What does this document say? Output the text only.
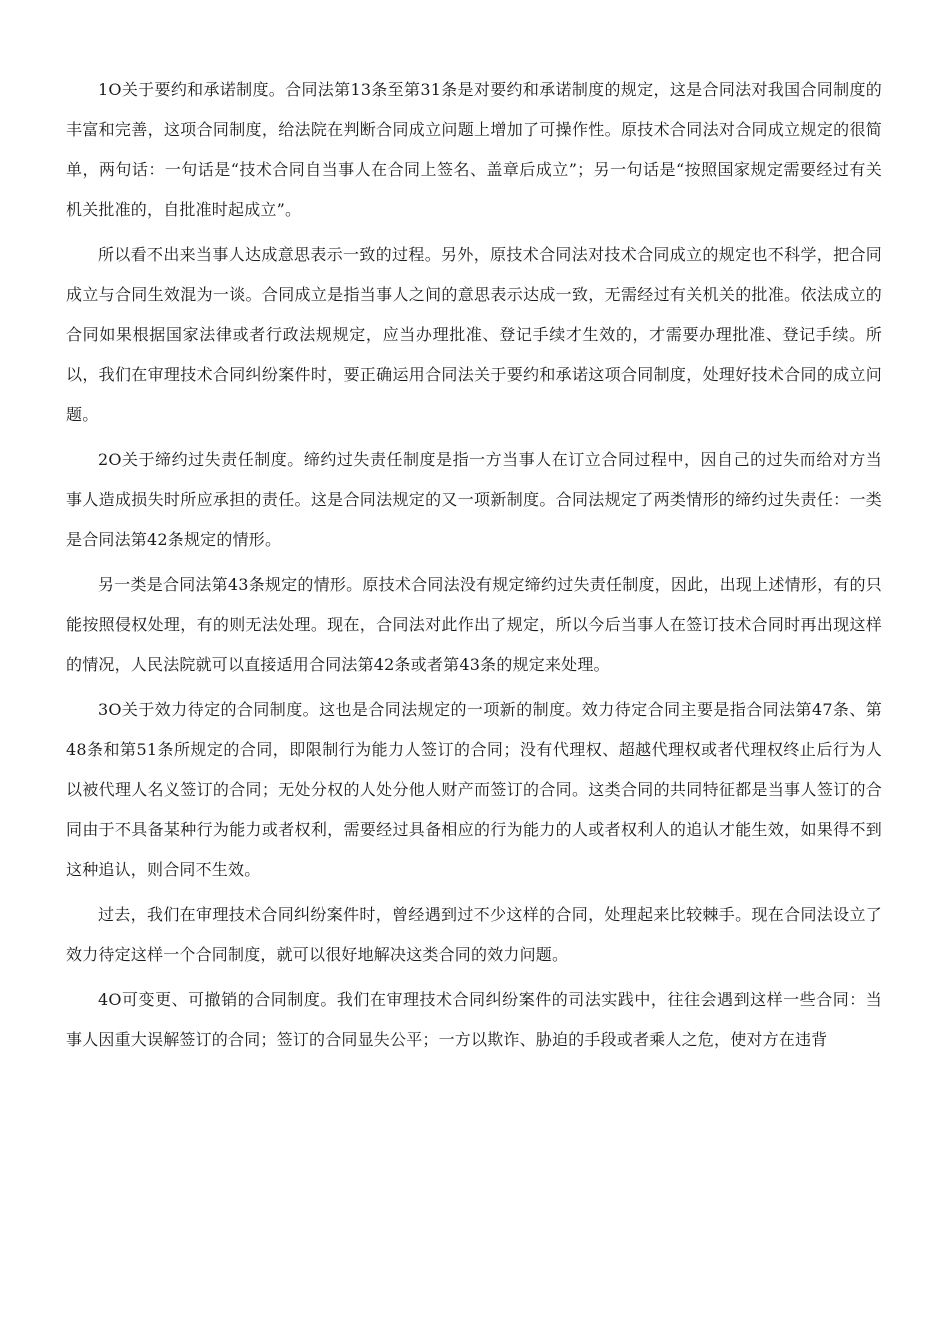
1O关于要约和承诺制度。合同法第13条至第31条是对要约和承诺制度的规定，这是合同法对我国合同制度的丰富和完善，这项合同制度，给法院在判断合同成立问题上增加了可操作性。原技术合同法对合同成立规定的很简单，两句话：一句话是“技术合同自当事人在合同上签名、盖章后成立”；另一句话是“按照国家规定需要经过有关机关批准的，自批准时起成立”。

所以看不出来当事人达成意思表示一致的过程。另外，原技术合同法对技术合同成立的规定也不科学，把合同成立与合同生效混为一谈。合同成立是指当事人之间的意思表示达成一致，无需经过有关机关的批准。依法成立的合同如果根据国家法律或者行政法规规定，应当办理批准、登记手续才生效的，才需要办理批准、登记手续。所以，我们在审理技术合同纠纷案件时，要正确运用合同法关于要约和承诺这项合同制度，处理好技术合同的成立问题。

2O关于缔约过失责任制度。缔约过失责任制度是指一方当事人在订立合同过程中，因自己的过失而给对方当事人造成损失时所应承担的责任。这是合同法规定的又一项新制度。合同法规定了两类情形的缔约过失责任：一类是合同法第42条规定的情形。

另一类是合同法第43条规定的情形。原技术合同法没有规定缔约过失责任制度，因此，出现上述情形，有的只能按照侵权处理，有的则无法处理。现在，合同法对此作出了规定，所以今后当事人在签订技术合同时再出现这样的情况，人民法院就可以直接适用合同法第42条或者第43条的规定来处理。

3O关于效力待定的合同制度。这也是合同法规定的一项新的制度。效力待定合同主要是指合同法第47条、第48条和第51条所规定的合同，即限制行为能力人签订的合同；没有代理权、超越代理权或者代理权终止后行为人以被代理人名义签订的合同；无处分权的人处分他人财产而签订的合同。这类合同的共同特征都是当事人签订的合同由于不具备某种行为能力或者权利，需要经过具备相应的行为能力的人或者权利人的追认才能生效，如果得不到这种追认，则合同不生效。

过去，我们在审理技术合同纠纷案件时，曾经遇到过不少这样的合同，处理起来比较棘手。现在合同法设立了效力待定这样一个合同制度，就可以很好地解决这类合同的效力问题。

4O可变更、可撤销的合同制度。我们在审理技术合同纠纷案件的司法实践中，往往会遇到这样一些合同：当事人因重大误解签订的合同；签订的合同显失公平；一方以欺诈、胁迫的手段或者乘人之危，使对方在违背
